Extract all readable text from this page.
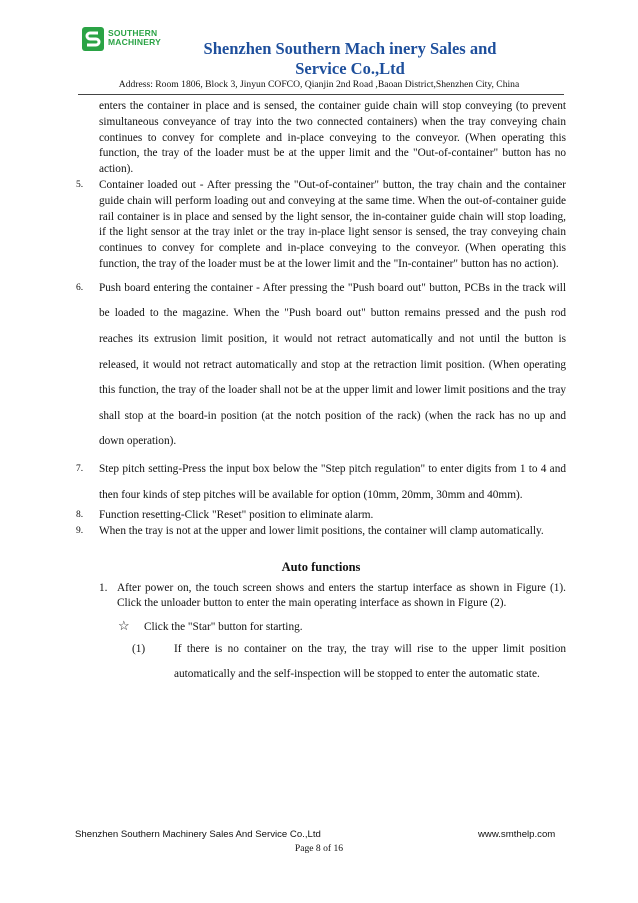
SOUTHERN
MACHINERY	Shenzhen Southern Mach inery Sales and
Service Co.,Ltd
Address: Room 1806, Block 3, Jinyun COFCO, Qianjin 2nd Road ,Baoan District,Shenzhen City, China

enters the container in place and is sensed, the container guide chain will stop conveying (to prevent simultaneous conveyance of tray into the two connected containers) when the tray conveying chain continues to convey for complete and in-place conveying to the conveyor. (When operating this function, the tray of the loader must be at the upper limit and the "Out-of-container" button has no action).

5. Container loaded out - After pressing the "Out-of-container" button, the tray chain and the container guide chain will perform loading out and conveying at the same time. When the out-of-container guide rail container is in place and sensed by the light sensor, the in-container guide chain will stop loading, if the light sensor at the tray inlet or the tray in-place light sensor is sensed, the tray conveying chain continues to convey for complete and in-place conveying to the conveyor. (When operating this function, the tray of the loader must be at the lower limit and the "In-container" button has no action).
6. Push board entering the container - After pressing the "Push board out" button, PCBs in the track will be loaded to the magazine. When the "Push board out" button remains pressed and the push rod reaches its extrusion limit position, it would not retract automatically and not until the button is released, it would not retract automatically and stop at the retraction limit position. (When operating this function, the tray of the loader shall not be at the upper limit and lower limit positions and the tray shall stop at the board-in position (at the notch position of the rack) (when the rack has no up and down operation).
7. Step pitch setting-Press the input box below the "Step pitch regulation" to enter digits from 1 to 4 and then four kinds of step pitches will be available for option (10mm, 20mm, 30mm and 40mm).
8. Function resetting-Click "Reset" position to eliminate alarm.
9. When the tray is not at the upper and lower limit positions, the container will clamp automatically.
Auto functions
1. After power on, the touch screen shows and enters the startup interface as shown in Figure (1). Click the unloader button to enter the main operating interface as shown in Figure (2).
☆ Click the "Star" button for starting.
(1)	If there is no container on the tray, the tray will rise to the upper limit position automatically and the self-inspection will be stopped to enter the automatic state.
Shenzhen Southern Machinery Sales And Service Co.,Ltd	www.smthelp.com
Page 8 of 16
